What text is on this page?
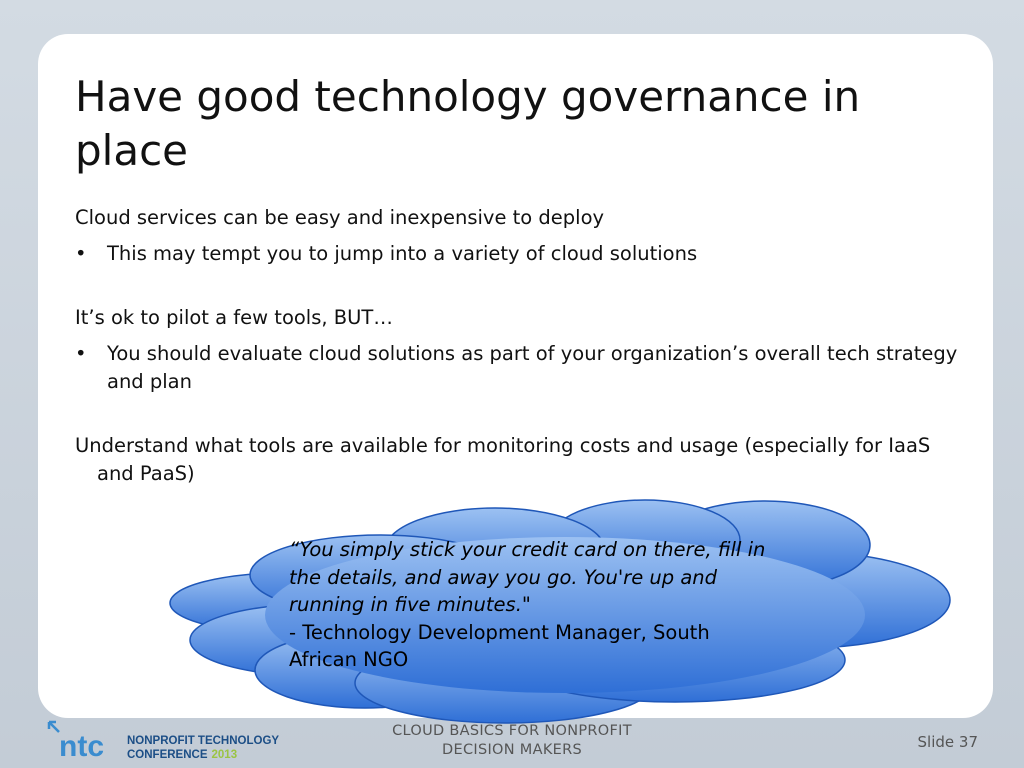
Have good technology governance in place

Cloud services can be easy and inexpensive to deploy

• This may tempt you to jump into a variety of cloud solutions

It’s ok to pilot a few tools, BUT…

• You should evaluate cloud solutions as part of your organization’s overall tech strategy and plan

Understand what tools are available for monitoring costs and usage (especially for IaaS and PaaS)

“You simply stick your credit card on there, fill in the details, and away you go. You're up and running in five minutes."
- Technology Development Manager, South African NGO
ntc NONPROFIT TECHNOLOGY
CONFERENCE 2013
CLOUD BASICS FOR NONPROFIT DECISION MAKERS	Slide 37
